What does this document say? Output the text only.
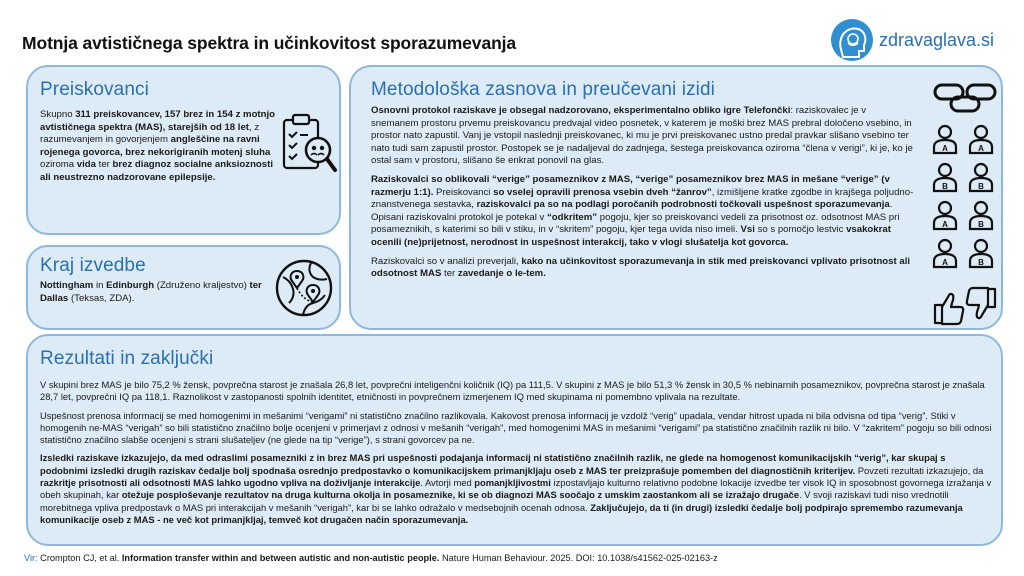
Motnja avtističnega spektra in učinkovitost sporazumevanja	zdravaglava.si
Preiskovanci

Skupno 311 preiskovancev, 157 brez in 154 z motnjo avtističnega spektra (MAS), starejših od 18 let, z razumevanjem in govorjenjem angleščine na ravni rojenega govorca, brez nekorigiranih motenj sluha oziroma vida ter brez diagnoz socialne anksioznosti ali neustrezno nadzorovane epilepsije.

Kraj izvedbe

Nottingham in Edinburgh (Združeno kraljestvo) ter Dallas (Teksas, ZDA).

Metodološka zasnova in preučevani izidi

Osnovni protokol raziskave je obsegal nadzorovano, eksperimentalno obliko igre Telefončki: raziskovalec je v snemanem prostoru prvemu preiskovancu predvajal video posnetek, v katerem je moški brez MAS prebral določeno vsebino, in prostor nato zapustil. Vanj je vstopil naslednji preiskovanec, ki mu je prvi preiskovanec ustno predal pravkar slišano vsebino ter nato tudi sam zapustil prostor. Postopek se je nadaljeval do zadnjega, šestega preiskovanca oziroma “člena v verigi”, ki je, ko je ostal sam v prostoru, slišano še enkrat ponovil na glas.

Raziskovalci so oblikovali “verige” posameznikov z MAS, “verige” posameznikov brez MAS in mešane “verige” (v razmerju 1:1). Preiskovanci so vselej opravili prenosa vsebin dveh “žanrov”, izmišljene kratke zgodbe in krajšega poljudno-znanstvenega sestavka, raziskovalci pa so na podlagi poročanih podrobnosti točkovali uspešnost sporazumevanja. Opisani raziskovalni protokol je potekal v “odkritem” pogoju, kjer so preiskovanci vedeli za prisotnost oz. odsotnost MAS pri posameznikih, s katerimi so bili v stiku, in v “skritem” pogoju, kjer tega uvida niso imeli. Vsi so s pomočjo lestvic vsakokrat ocenili (ne)prijetnost, nerodnost in uspešnost interakcij, tako v vlogi slušatelja kot govorca.

Raziskovalci so v analizi preverjali, kako na učinkovitost sporazumevanja in stik med preiskovanci vplivato prisotnost ali odsotnost MAS ter zavedanje o le-tem.

A	A
B	B
A	B
A	B
Rezultati in zaključki

V skupini brez MAS je bilo 75,2 % žensk, povprečna starost je znašala 26,8 let, povprečni inteligenčni količnik (IQ) pa 111,5. V skupini z MAS je bilo 51,3 % žensk in 30,5 % nebinarnih posameznikov, povprečna starost je znašala 28,7 let, povprečni IQ pa 118,1. Raznolikost v zastopanosti spolnih identitet, etničnosti in povprečnem izmerjenem IQ med skupinama ni pomembno vplivala na rezultate.

Uspešnost prenosa informacij se med homogenimi in mešanimi “verigami” ni statistično značilno razlikovala. Kakovost prenosa informacij je vzdolž “verig” upadala, vendar hitrost upada ni bila odvisna od tipa “verig”. Stiki v homogenih ne-MAS “verigah” so bili statistično značilno bolje ocenjeni v primerjavi z odnosi v mešanih “verigah”, med homogenimi MAS in mešanimi “verigami” pa statistično značilnih razlik ni bilo. V “zakritem” pogoju so bili odnosi statistično značilno slabše ocenjeni s strani slušateljev (ne glede na tip “verige”), s strani govorcev pa ne.

Izsledki raziskave izkazujejo, da med odraslimi posamezniki z in brez MAS pri uspešnosti podajanja informacij ni statistično značilnih razlik, ne glede na homogenost komunikacijskih “verig”, kar skupaj s podobnimi izsledki drugih raziskav čedalje bolj spodnaša osrednjo predpostavko o komunikacijskem primanjkljaju oseb z MAS ter preizprašuje pomemben del diagnostičnih kriterijev. Povzeti rezultati izkazujejo, da razkritje prisotnosti ali odsotnosti MAS lahko ugodno vpliva na doživljanje interakcije. Avtorji med pomanjkljivostmi izpostavljajo kulturno relativno podobne lokacije izvedbe ter visok IQ in sposobnost govornega izražanja v obeh skupinah, kar otežuje posploševanje rezultatov na druga kulturna okolja in posameznike, ki se ob diagnozi MAS soočajo z umskim zaostankom ali se izražajo drugače. V svoji raziskavi tudi niso vrednotili morebitnega vpliva predpostavk o MAS pri interakcijah v mešanih “verigah”, kar bi se lahko odražalo v medsebojnih ocenah odnosa. Zaključujejo, da ti (in drugi) izsledki čedalje bolj podpirajo spremembo razumevanja komunikacije oseb z MAS - ne več kot primanjkljaj, temveč kot drugačen način sporazumevanja.

Vir: Crompton CJ, et al. Information transfer within and between autistic and non-autistic people. Nature Human Behaviour. 2025. DOI: 10.1038/s41562-025-02163-z
